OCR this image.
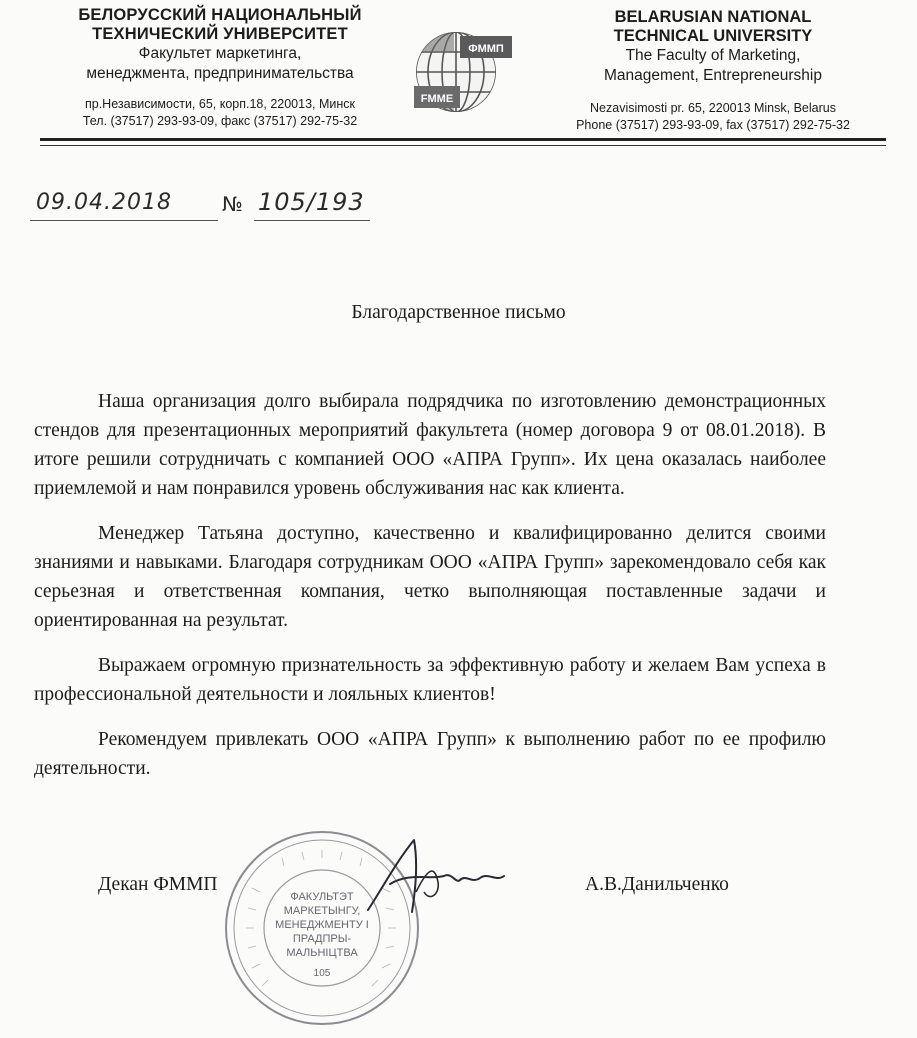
БЕЛОРУССКИЙ НАЦИОНАЛЬНЫЙ
ТЕХНИЧЕСКИЙ УНИВЕРСИТЕТ
Факультет маркетинга,
менеджмента, предпринимательства
пр.Независимости, 65, корп.18, 220013, Минск
Тел. (37517) 293-93-09, факс (37517) 292-75-32
ФММП
FMME
BELARUSIAN NATIONAL
TECHNICAL UNIVERSITY
The Faculty of Marketing,
Management, Entrepreneurship
Nezavisimosti pr. 65, 220013 Minsk, Belarus
Phone (37517) 293-93-09, fax (37517) 292-75-32
09.04.2018	№ 105/193
Благодарственное письмо

Наша организация долго выбирала подрядчика по изготовлению демонстрационных стендов для презентационных мероприятий факультета (номер договора 9 от 08.01.2018). В итоге решили сотрудничать с компанией ООО «АПРА Групп». Их цена оказалась наиболее приемлемой и нам понравился уровень обслуживания нас как клиента.

Менеджер Татьяна доступно, качественно и квалифицированно делится своими знаниями и навыками. Благодаря сотрудникам ООО «АПРА Групп» зарекомендовало себя как серьезная и ответственная компания, четко выполняющая поставленные задачи и ориентированная на результат.

Выражаем огромную признательность за эффективную работу и желаем Вам успеха в профессиональной деятельности и лояльных клиентов!

Рекомендуем привлекать ООО «АПРА Групп» к выполнению работ по ее профилю деятельности.

ФАКУЛЬТЭТ
МАРКЕТЫНГУ,
МЕНЕДЖМЕНТУ І
ПРАДПРЫ-
МАЛЬНІЦТВА
105
Декан ФММП	А.В.Данильченко
